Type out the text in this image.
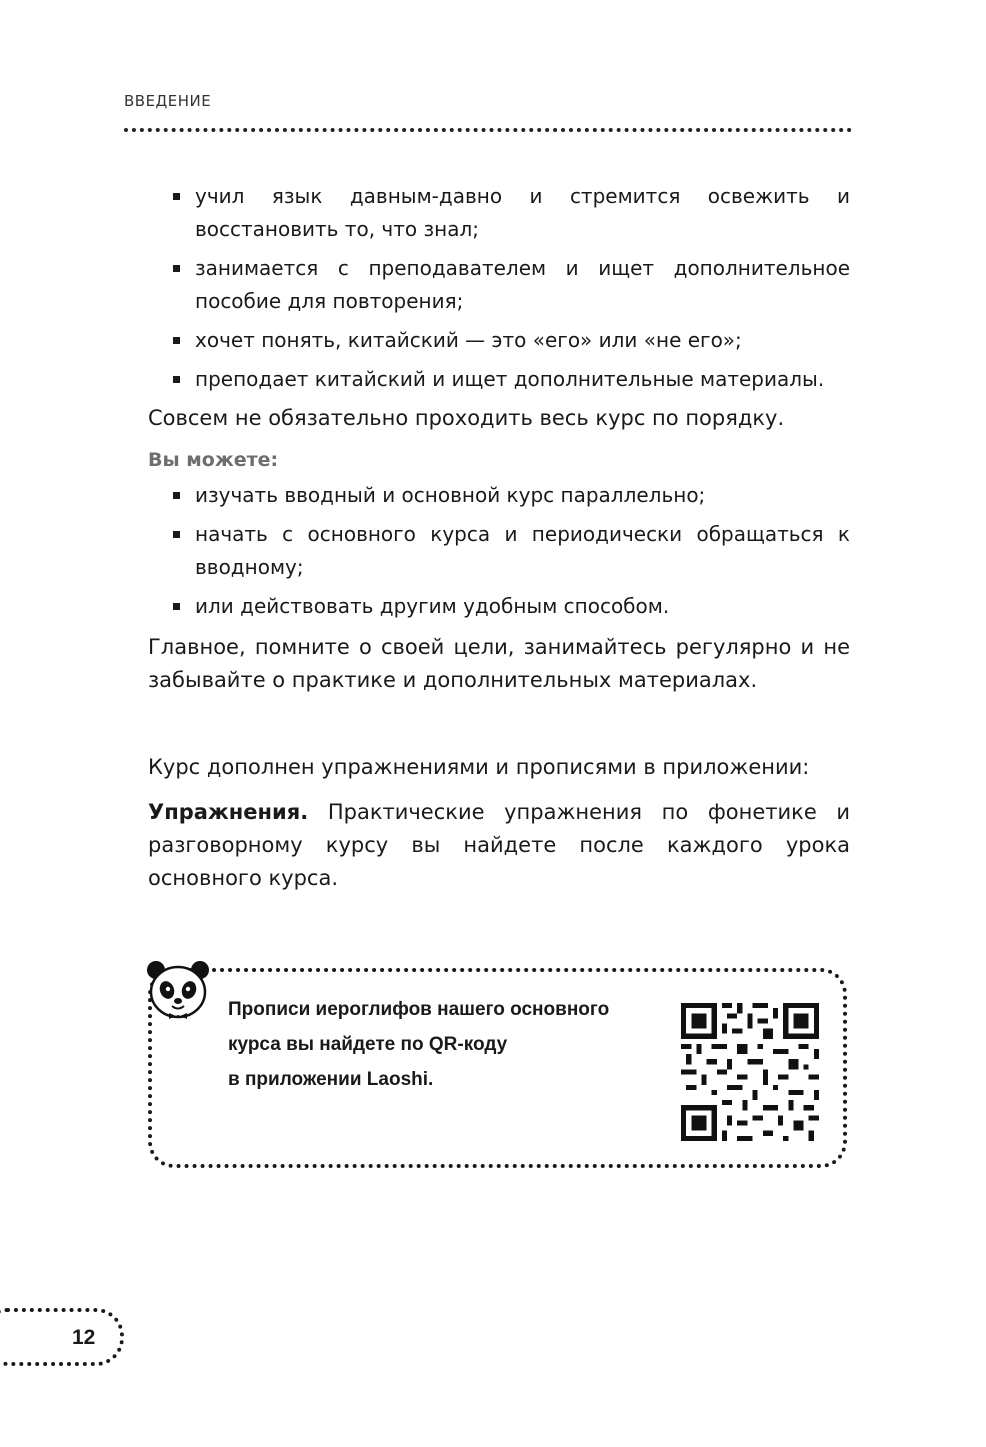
ВВЕДЕНИЕ
учил язык давным-давно и стремится освежить и восстановить то, что знал;
занимается с преподавателем и ищет дополнительное пособие для повторения;
хочет понять, китайский — это «его» или «не его»;
преподает китайский и ищет дополнительные материалы.

Совсем не обязательно проходить весь курс по порядку.

Вы можете:
изучать вводный и основной курс параллельно;
начать с основного курса и периодически обращаться к вводному;
или действовать другим удобным способом.

Главное, помните о своей цели, занимайтесь регулярно и не забывайте о практике и дополнительных материалах.

Курс дополнен упражнениями и прописями в приложении:

Упражнения. Практические упражнения по фонетике и разговорному курсу вы найдете после каждого урока основного курса.

Прописи иероглифов нашего основного
курса вы найдете по QR-коду
в приложении Laoshi.
12
